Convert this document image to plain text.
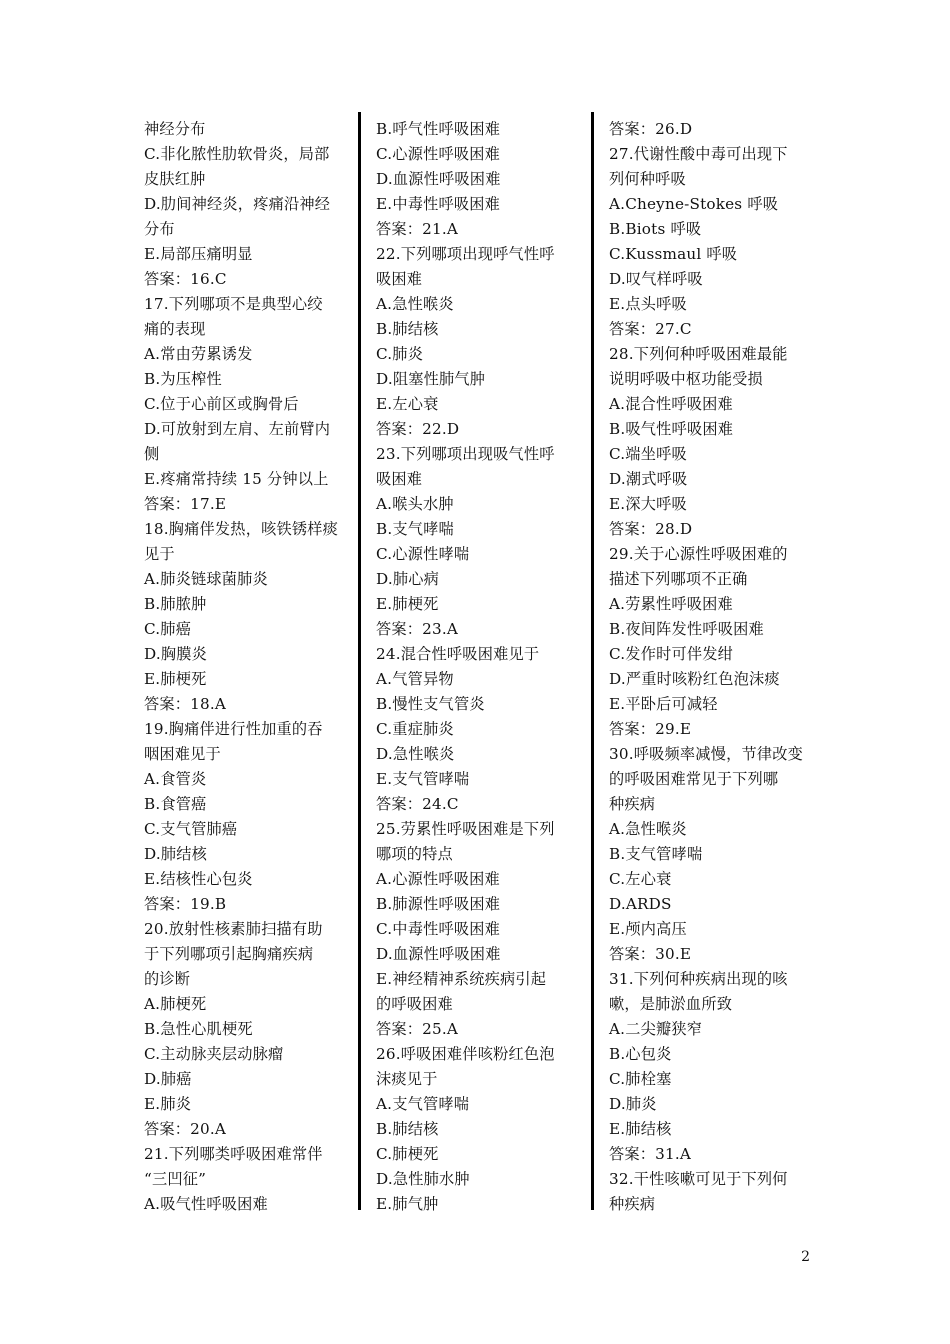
神经分布
C.非化脓性肋软骨炎，局部
皮肤红肿
D.肋间神经炎，疼痛沿神经
分布
E.局部压痛明显
答案：16.C
17.下列哪项不是典型心绞
痛的表现
A.常由劳累诱发
B.为压榨性
C.位于心前区或胸骨后
D.可放射到左肩、左前臂内
侧
E.疼痛常持续 15 分钟以上
答案：17.E
18.胸痛伴发热，咳铁锈样痰
见于
A.肺炎链球菌肺炎
B.肺脓肿
C.肺癌
D.胸膜炎
E.肺梗死
答案：18.A
19.胸痛伴进行性加重的吞
咽困难见于
A.食管炎
B.食管癌
C.支气管肺癌
D.肺结核
E.结核性心包炎
答案：19.B
20.放射性核素肺扫描有助
于下列哪项引起胸痛疾病
的诊断
A.肺梗死
B.急性心肌梗死
C.主动脉夹层动脉瘤
D.肺癌
E.肺炎
答案：20.A
21.下列哪类呼吸困难常伴
“三凹征”
A.吸气性呼吸困难
B.呼气性呼吸困难
C.心源性呼吸困难
D.血源性呼吸困难
E.中毒性呼吸困难
答案：21.A
22.下列哪项出现呼气性呼
吸困难
A.急性喉炎
B.肺结核
C.肺炎
D.阻塞性肺气肿
E.左心衰
答案：22.D
23.下列哪项出现吸气性呼
吸困难
A.喉头水肿
B.支气哮喘
C.心源性哮喘
D.肺心病
E.肺梗死
答案：23.A
24.混合性呼吸困难见于
A.气管异物
B.慢性支气管炎
C.重症肺炎
D.急性喉炎
E.支气管哮喘
答案：24.C
25.劳累性呼吸困难是下列
哪项的特点
A.心源性呼吸困难
B.肺源性呼吸困难
C.中毒性呼吸困难
D.血源性呼吸困难
E.神经精神系统疾病引起
的呼吸困难
答案：25.A
26.呼吸困难伴咳粉红色泡
沫痰见于
A.支气管哮喘
B.肺结核
C.肺梗死
D.急性肺水肿
E.肺气肿
答案：26.D
27.代谢性酸中毒可出现下
列何种呼吸
A.Cheyne-Stokes 呼吸
B.Biots 呼吸
C.Kussmaul 呼吸
D.叹气样呼吸
E.点头呼吸
答案：27.C
28.下列何种呼吸困难最能
说明呼吸中枢功能受损
A.混合性呼吸困难
B.吸气性呼吸困难
C.端坐呼吸
D.潮式呼吸
E.深大呼吸
答案：28.D
29.关于心源性呼吸困难的
描述下列哪项不正确
A.劳累性呼吸困难
B.夜间阵发性呼吸困难
C.发作时可伴发绀
D.严重时咳粉红色泡沫痰
E.平卧后可减轻
答案：29.E
30.呼吸频率减慢，节律改变
的呼吸困难常见于下列哪
种疾病
A.急性喉炎
B.支气管哮喘
C.左心衰
D.ARDS
E.颅内高压
答案：30.E
31.下列何种疾病出现的咳
嗽，是肺淤血所致
A.二尖瓣狭窄
B.心包炎
C.肺栓塞
D.肺炎
E.肺结核
答案：31.A
32.干性咳嗽可见于下列何
种疾病
2
